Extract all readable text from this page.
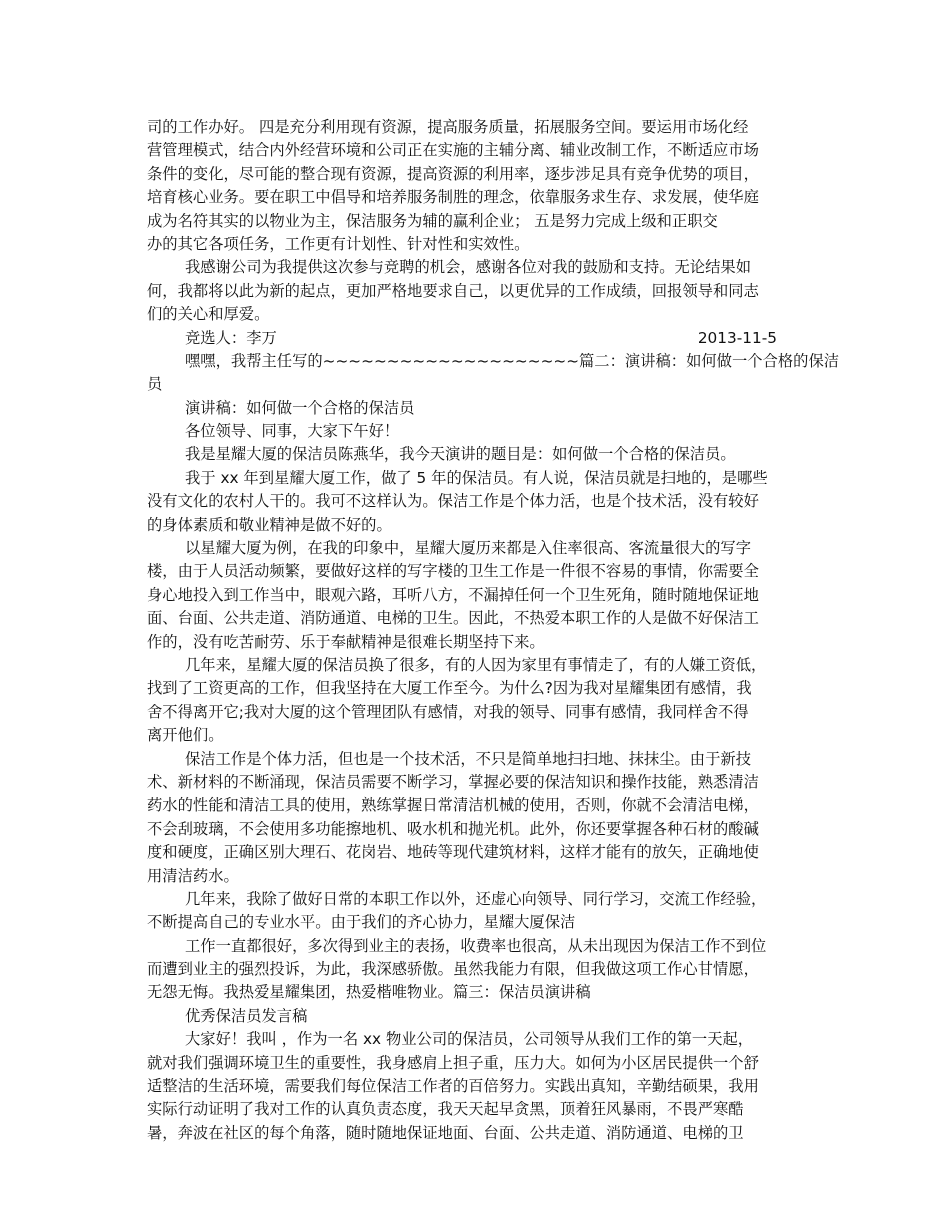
司的工作办好。 四是充分利用现有资源，提高服务质量，拓展服务空间。要运用市场化经
营管理模式，结合内外经营环境和公司正在实施的主辅分离、辅业改制工作，不断适应市场
条件的变化，尽可能的整合现有资源，提高资源的利用率，逐步涉足具有竞争优势的项目，
培育核心业务。要在职工中倡导和培养服务制胜的理念，依靠服务求生存、求发展，使华庭
成为名符其实的以物业为主，保洁服务为辅的赢利企业； 五是努力完成上级和正职交
办的其它各项任务，工作更有计划性、针对性和实效性。
我感谢公司为我提供这次参与竞聘的机会，感谢各位对我的鼓励和支持。无论结果如
何，我都将以此为新的起点，更加严格地要求自己，以更优异的工作成绩，回报领导和同志
们的关心和厚爱。
竞选人：李万	2013-11-5
嘿嘿，我帮主任写的~~~~~~~~~~~~~~~~~~~~篇二：演讲稿：如何做一个合格的保洁
员
演讲稿：如何做一个合格的保洁员
各位领导、同事，大家下午好！
我是星耀大厦的保洁员陈燕华，我今天演讲的题目是：如何做一个合格的保洁员。
我于 xx 年到星耀大厦工作，做了 5 年的保洁员。有人说，保洁员就是扫地的，是哪些
没有文化的农村人干的。我可不这样认为。保洁工作是个体力活，也是个技术活，没有较好
的身体素质和敬业精神是做不好的。
以星耀大厦为例，在我的印象中，星耀大厦历来都是入住率很高、客流量很大的写字
楼，由于人员活动频繁，要做好这样的写字楼的卫生工作是一件很不容易的事情，你需要全
身心地投入到工作当中，眼观六路，耳听八方，不漏掉任何一个卫生死角，随时随地保证地
面、台面、公共走道、消防通道、电梯的卫生。因此，不热爱本职工作的人是做不好保洁工
作的，没有吃苦耐劳、乐于奉献精神是很难长期坚持下来。
几年来，星耀大厦的保洁员换了很多，有的人因为家里有事情走了，有的人嫌工资低，
找到了工资更高的工作，但我坚持在大厦工作至今。为什么?因为我对星耀集团有感情，我
舍不得离开它;我对大厦的这个管理团队有感情，对我的领导、同事有感情，我同样舍不得
离开他们。
保洁工作是个体力活，但也是一个技术活，不只是简单地扫扫地、抹抹尘。由于新技
术、新材料的不断涌现，保洁员需要不断学习，掌握必要的保洁知识和操作技能，熟悉清洁
药水的性能和清洁工具的使用，熟练掌握日常清洁机械的使用，否则，你就不会清洁电梯，
不会刮玻璃，不会使用多功能擦地机、吸水机和抛光机。此外，你还要掌握各种石材的酸碱
度和硬度，正确区别大理石、花岗岩、地砖等现代建筑材料，这样才能有的放矢，正确地使
用清洁药水。
几年来，我除了做好日常的本职工作以外，还虚心向领导、同行学习，交流工作经验，
不断提高自己的专业水平。由于我们的齐心协力，星耀大厦保洁
工作一直都很好，多次得到业主的表扬，收费率也很高，从未出现因为保洁工作不到位
而遭到业主的强烈投诉，为此，我深感骄傲。虽然我能力有限，但我做这项工作心甘情愿，
无怨无悔。我热爱星耀集团，热爱楷唯物业。篇三：保洁员演讲稿
优秀保洁员发言稿
大家好！我叫 ，作为一名 xx 物业公司的保洁员，公司领导从我们工作的第一天起，
就对我们强调环境卫生的重要性，我身感肩上担子重，压力大。如何为小区居民提供一个舒
适整洁的生活环境，需要我们每位保洁工作者的百倍努力。实践出真知，辛勤结硕果，我用
实际行动证明了我对工作的认真负责态度，我天天起早贪黑，顶着狂风暴雨，不畏严寒酷
暑，奔波在社区的每个角落，随时随地保证地面、台面、公共走道、消防通道、电梯的卫
